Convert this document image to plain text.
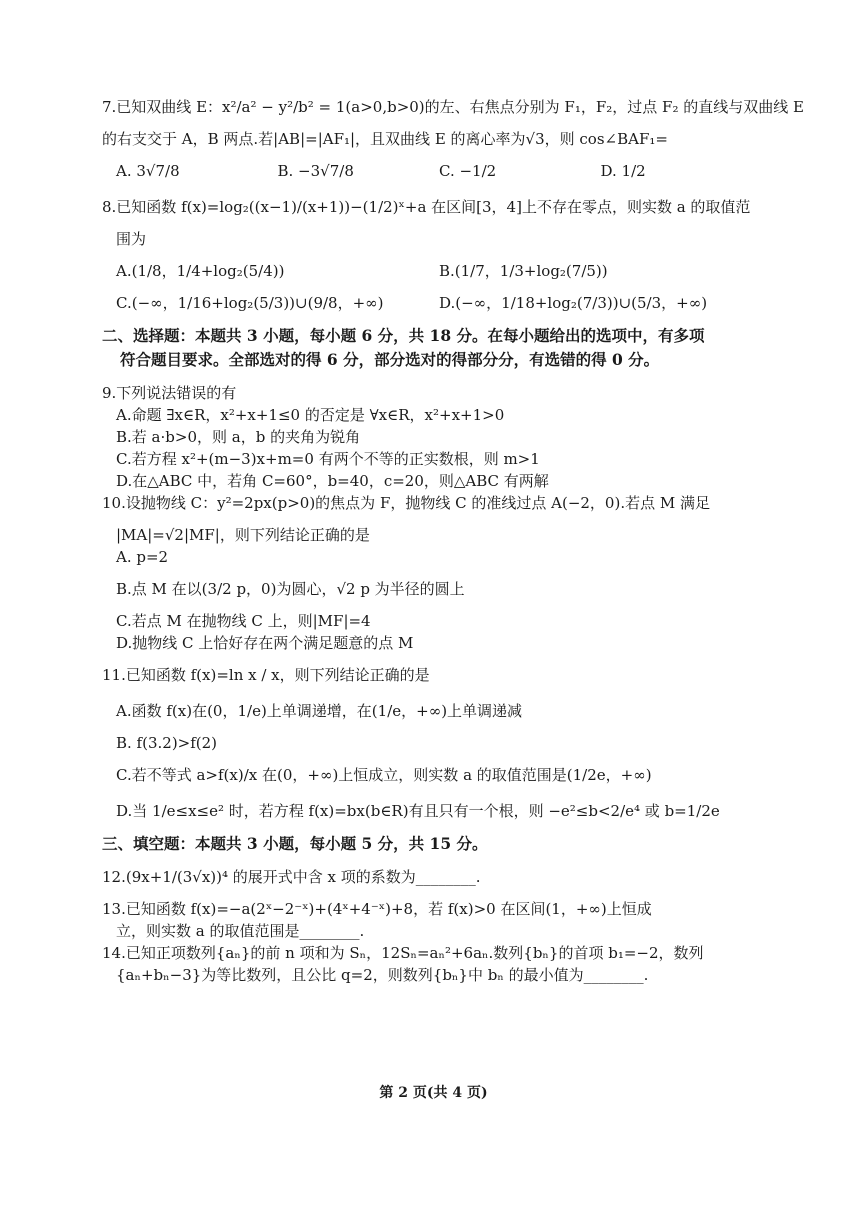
7.已知双曲线 E：x²/a² − y²/b² = 1(a>0,b>0)的左、右焦点分别为 F₁，F₂，过点 F₂ 的直线与双曲线 E

的右支交于 A，B 两点.若|AB|=|AF₁|，且双曲线 E 的离心率为√3，则 cos∠BAF₁=

A. 3√7/8	B. −3√7/8	C. −1/2	D. 1/2

8.已知函数 f(x)=log₂((x−1)/(x+1))−(1/2)ˣ+a 在区间[3，4]上不存在零点，则实数 a 的取值范

围为

A.(1/8，1/4+log₂(5/4))	B.(1/7，1/3+log₂(7/5))
C.(−∞，1/16+log₂(5/3))∪(9/8，+∞)	D.(−∞，1/18+log₂(7/3))∪(5/3，+∞)

二、选择题：本题共 3 小题，每小题 6 分，共 18 分。在每小题给出的选项中，有多项

符合题目要求。全部选对的得 6 分，部分选对的得部分分，有选错的得 0 分。

9.下列说法错误的有

A.命题 ∃x∈R，x²+x+1≤0 的否定是 ∀x∈R，x²+x+1>0

B.若 a·b>0，则 a，b 的夹角为锐角

C.若方程 x²+(m−3)x+m=0 有两个不等的正实数根，则 m>1

D.在△ABC 中，若角 C=60°，b=40，c=20，则△ABC 有两解

10.设抛物线 C：y²=2px(p>0)的焦点为 F，抛物线 C 的准线过点 A(−2，0).若点 M 满足

|MA|=√2|MF|，则下列结论正确的是

A. p=2

B.点 M 在以(3/2 p，0)为圆心，√2 p 为半径的圆上

C.若点 M 在抛物线 C 上，则|MF|=4

D.抛物线 C 上恰好存在两个满足题意的点 M

11.已知函数 f(x)=ln x / x，则下列结论正确的是

A.函数 f(x)在(0，1/e)上单调递增，在(1/e，+∞)上单调递减

B. f(3.2)>f(2)

C.若不等式 a>f(x)/x 在(0，+∞)上恒成立，则实数 a 的取值范围是(1/2e，+∞)

D.当 1/e≤x≤e² 时，若方程 f(x)=bx(b∈R)有且只有一个根，则 −e²≤b<2/e⁴ 或 b=1/2e

三、填空题：本题共 3 小题，每小题 5 分，共 15 分。

12.(9x+1/(3√x))⁴ 的展开式中含 x 项的系数为________.

13.已知函数 f(x)=−a(2ˣ−2⁻ˣ)+(4ˣ+4⁻ˣ)+8，若 f(x)>0 在区间(1，+∞)上恒成

立，则实数 a 的取值范围是________.

14.已知正项数列{aₙ}的前 n 项和为 Sₙ，12Sₙ=aₙ²+6aₙ.数列{bₙ}的首项 b₁=−2，数列

{aₙ+bₙ−3}为等比数列，且公比 q=2，则数列{bₙ}中 bₙ 的最小值为________.

第 2 页(共 4 页)
